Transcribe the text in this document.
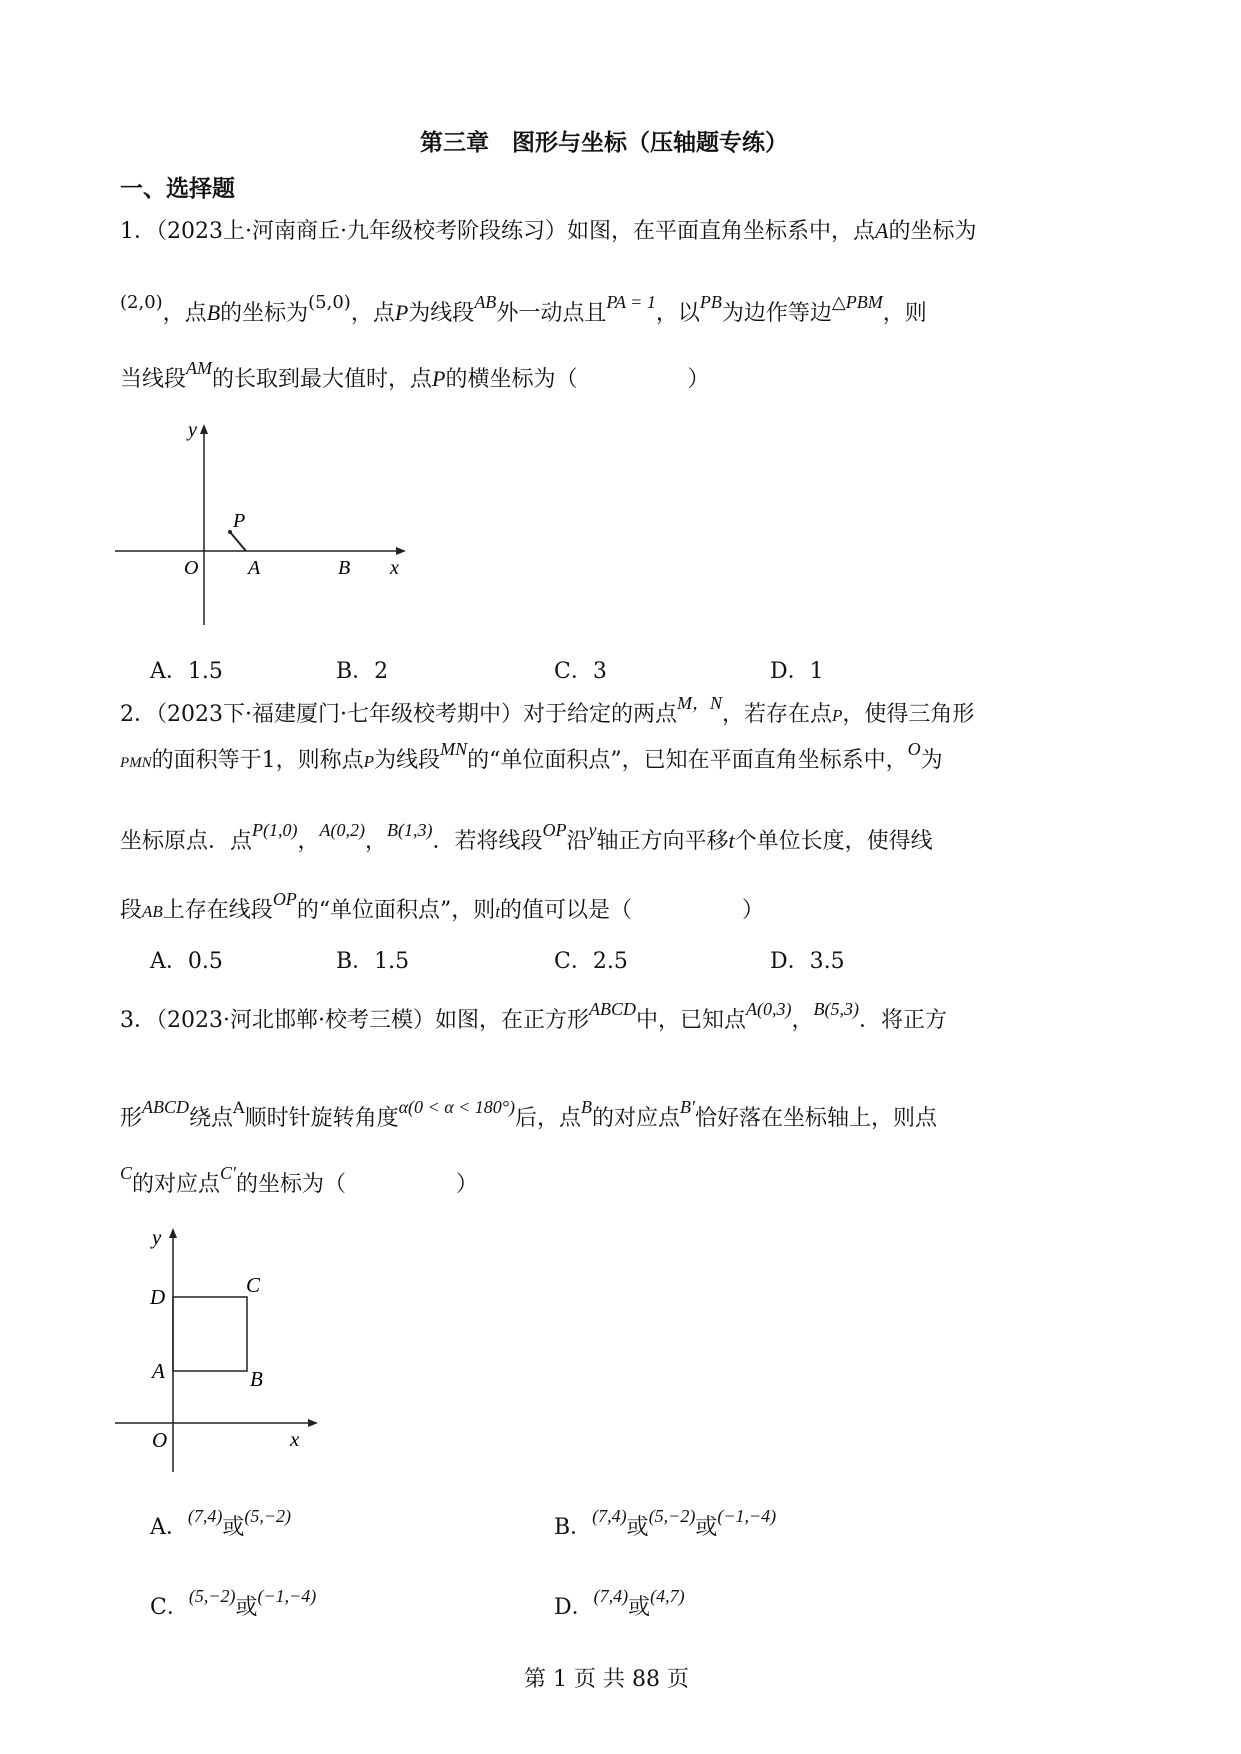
第三章　图形与坐标（压轴题专练）
一、选择题
1．（2023上·河南商丘·九年级校考阶段练习）如图，在平面直角坐标系中，点A的坐标为
$^{(2,0)}$，点B的坐标为$^{(5,0)}$，点P为线段$^{AB}$外一动点且$^{PA = 1}$，以$^{PB}$为边作等边$^{\triangle PBM}$，则
当线段$^{AM}$的长取到最大值时，点P的横坐标为（　　　　　）
y
x
O A	B
P
A．1.5	B．2	C．3	D．1
2．（2023下·福建厦门·七年级校考期中）对于给定的两点$^{M,N}$，若存在点P，使得三角形
PMN的面积等于1，则称点P为线段$^{MN}$的“单位面积点”，已知在平面直角坐标系中，$^O$为
坐标原点．点$^{P(1,0)}$，$^{A(0,2)}$，$^{B(1,3)}$．若将线段$^{OP}$沿$^y$轴正方向平移t个单位长度，使得线
段AB上存在线段$^{OP}$的“单位面积点”，则t的值可以是（　　　　　）
A．0.5	B．1.5	C．2.5	D．3.5
3．（2023·河北邯郸·校考三模）如图，在正方形$^{ABCD}$中，已知点$^{A(0,3)}$，$^{B(5,3)}$．将正方
形$^{ABCD}$绕点$^A$顺时针旋转角度$^{\alpha(0 < \alpha < 180^\circ)}$后，点$^B$的对应点$^{B'}$恰好落在坐标轴上，则点
$^C$的对应点$^{C'}$的坐标为（　　　　　）
y
x
O
A	B
C
D
A．$^{(7,4)}$或$^{(5,-2)}$	B．$^{(7,4)}$或$^{(5,-2)}$或$^{(-1,-4)}$
C．$^{(5,-2)}$或$^{(-1,-4)}$	D．$^{(7,4)}$或$^{(4,7)}$
第 1 页 共 88 页
